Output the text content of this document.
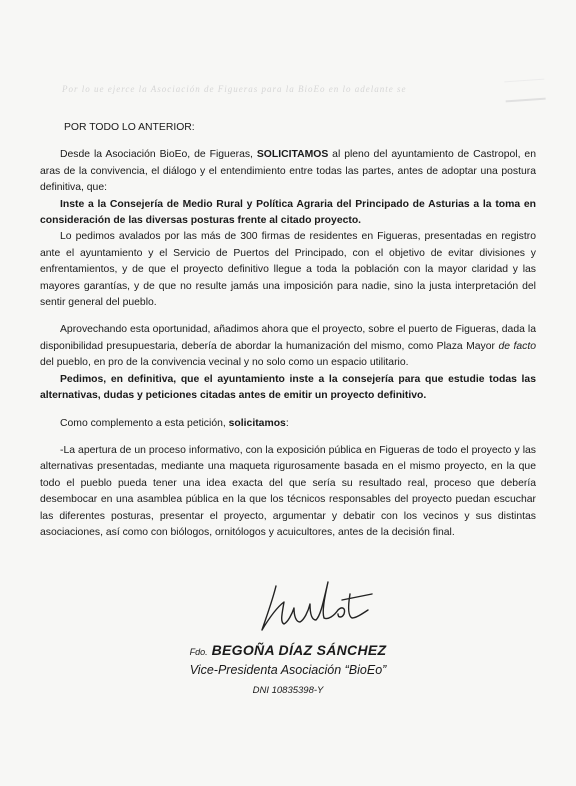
Por lo ue ejerce la Asociación de Figueras para la BioEo en lo adelante se

POR TODO LO ANTERIOR:

Desde la Asociación BioEo, de Figueras, SOLICITAMOS al pleno del ayuntamiento de Castropol, en aras de la convivencia, el diálogo y el entendimiento entre todas las partes, antes de adoptar una postura definitiva, que:

Inste a la Consejería de Medio Rural y Política Agraria del Principado de Asturias a la toma en consideración de las diversas posturas frente al citado proyecto.

Lo pedimos avalados por las más de 300 firmas de residentes en Figueras, presentadas en registro ante el ayuntamiento y el Servicio de Puertos del Principado, con el objetivo de evitar divisiones y enfrentamientos, y de que el proyecto definitivo llegue a toda la población con la mayor claridad y las mayores garantías, y de que no resulte jamás una imposición para nadie, sino la justa interpretación del sentir general del pueblo.

Aprovechando esta oportunidad, añadimos ahora que el proyecto, sobre el puerto de Figueras, dada la disponibilidad presupuestaria, debería de abordar la humanización del mismo, como Plaza Mayor de facto del pueblo, en pro de la convivencia vecinal y no solo como un espacio utilitario.

Pedimos, en definitiva, que el ayuntamiento inste a la consejería para que estudie todas las alternativas, dudas y peticiones citadas antes de emitir un proyecto definitivo.

Como complemento a esta petición, solicitamos:

-La apertura de un proceso informativo, con la exposición pública en Figueras de todo el proyecto y las alternativas presentadas, mediante una maqueta rigurosamente basada en el mismo proyecto, en la que todo el pueblo pueda tener una idea exacta del que sería su resultado real, proceso que debería desembocar en una asamblea pública en la que los técnicos responsables del proyecto puedan escuchar las diferentes posturas, presentar el proyecto, argumentar y debatir con los vecinos y sus distintas asociaciones, así como con biólogos, ornitólogos y acuicultores, antes de la decisión final.

Fdo. BEGOÑA DÍAZ SÁNCHEZ
Vice-Presidenta Asociación “BioEo”
DNI 10835398-Y
